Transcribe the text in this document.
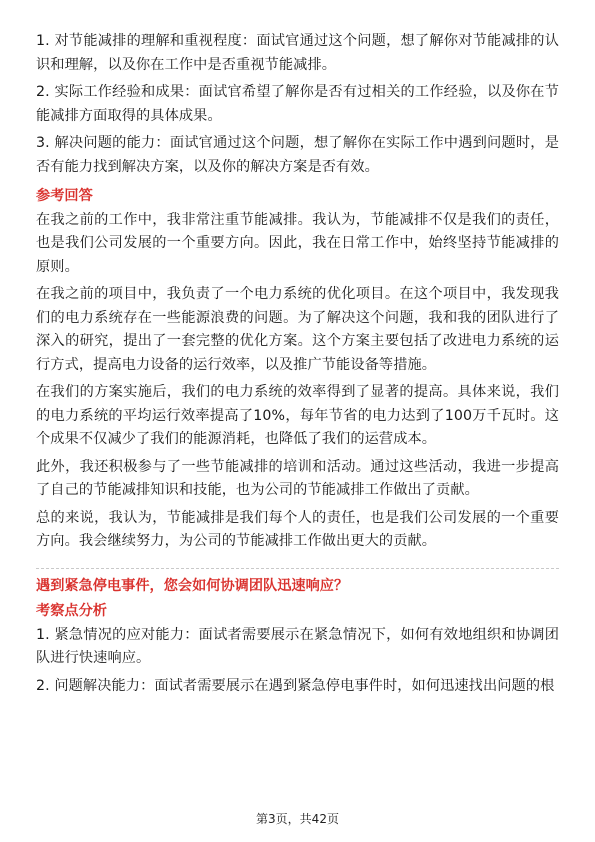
1. 对节能减排的理解和重视程度：面试官通过这个问题，想了解你对节能减排的认识和理解，以及你在工作中是否重视节能减排。

2. 实际工作经验和成果：面试官希望了解你是否有过相关的工作经验，以及你在节能减排方面取得的具体成果。

3. 解决问题的能力：面试官通过这个问题，想了解你在实际工作中遇到问题时，是否有能力找到解决方案，以及你的解决方案是否有效。

参考回答

在我之前的工作中，我非常注重节能减排。我认为，节能减排不仅是我们的责任，也是我们公司发展的一个重要方向。因此，我在日常工作中，始终坚持节能减排的原则。

在我之前的项目中，我负责了一个电力系统的优化项目。在这个项目中，我发现我们的电力系统存在一些能源浪费的问题。为了解决这个问题，我和我的团队进行了深入的研究，提出了一套完整的优化方案。这个方案主要包括了改进电力系统的运行方式，提高电力设备的运行效率，以及推广节能设备等措施。

在我们的方案实施后，我们的电力系统的效率得到了显著的提高。具体来说，我们的电力系统的平均运行效率提高了10%，每年节省的电力达到了100万千瓦时。这个成果不仅减少了我们的能源消耗，也降低了我们的运营成本。

此外，我还积极参与了一些节能减排的培训和活动。通过这些活动，我进一步提高了自己的节能减排知识和技能，也为公司的节能减排工作做出了贡献。

总的来说，我认为，节能减排是我们每个人的责任，也是我们公司发展的一个重要方向。我会继续努力，为公司的节能减排工作做出更大的贡献。

遇到紧急停电事件，您会如何协调团队迅速响应？

考察点分析

1. 紧急情况的应对能力：面试者需要展示在紧急情况下，如何有效地组织和协调团队进行快速响应。

2. 问题解决能力：面试者需要展示在遇到紧急停电事件时，如何迅速找出问题的根

第3页，共42页
